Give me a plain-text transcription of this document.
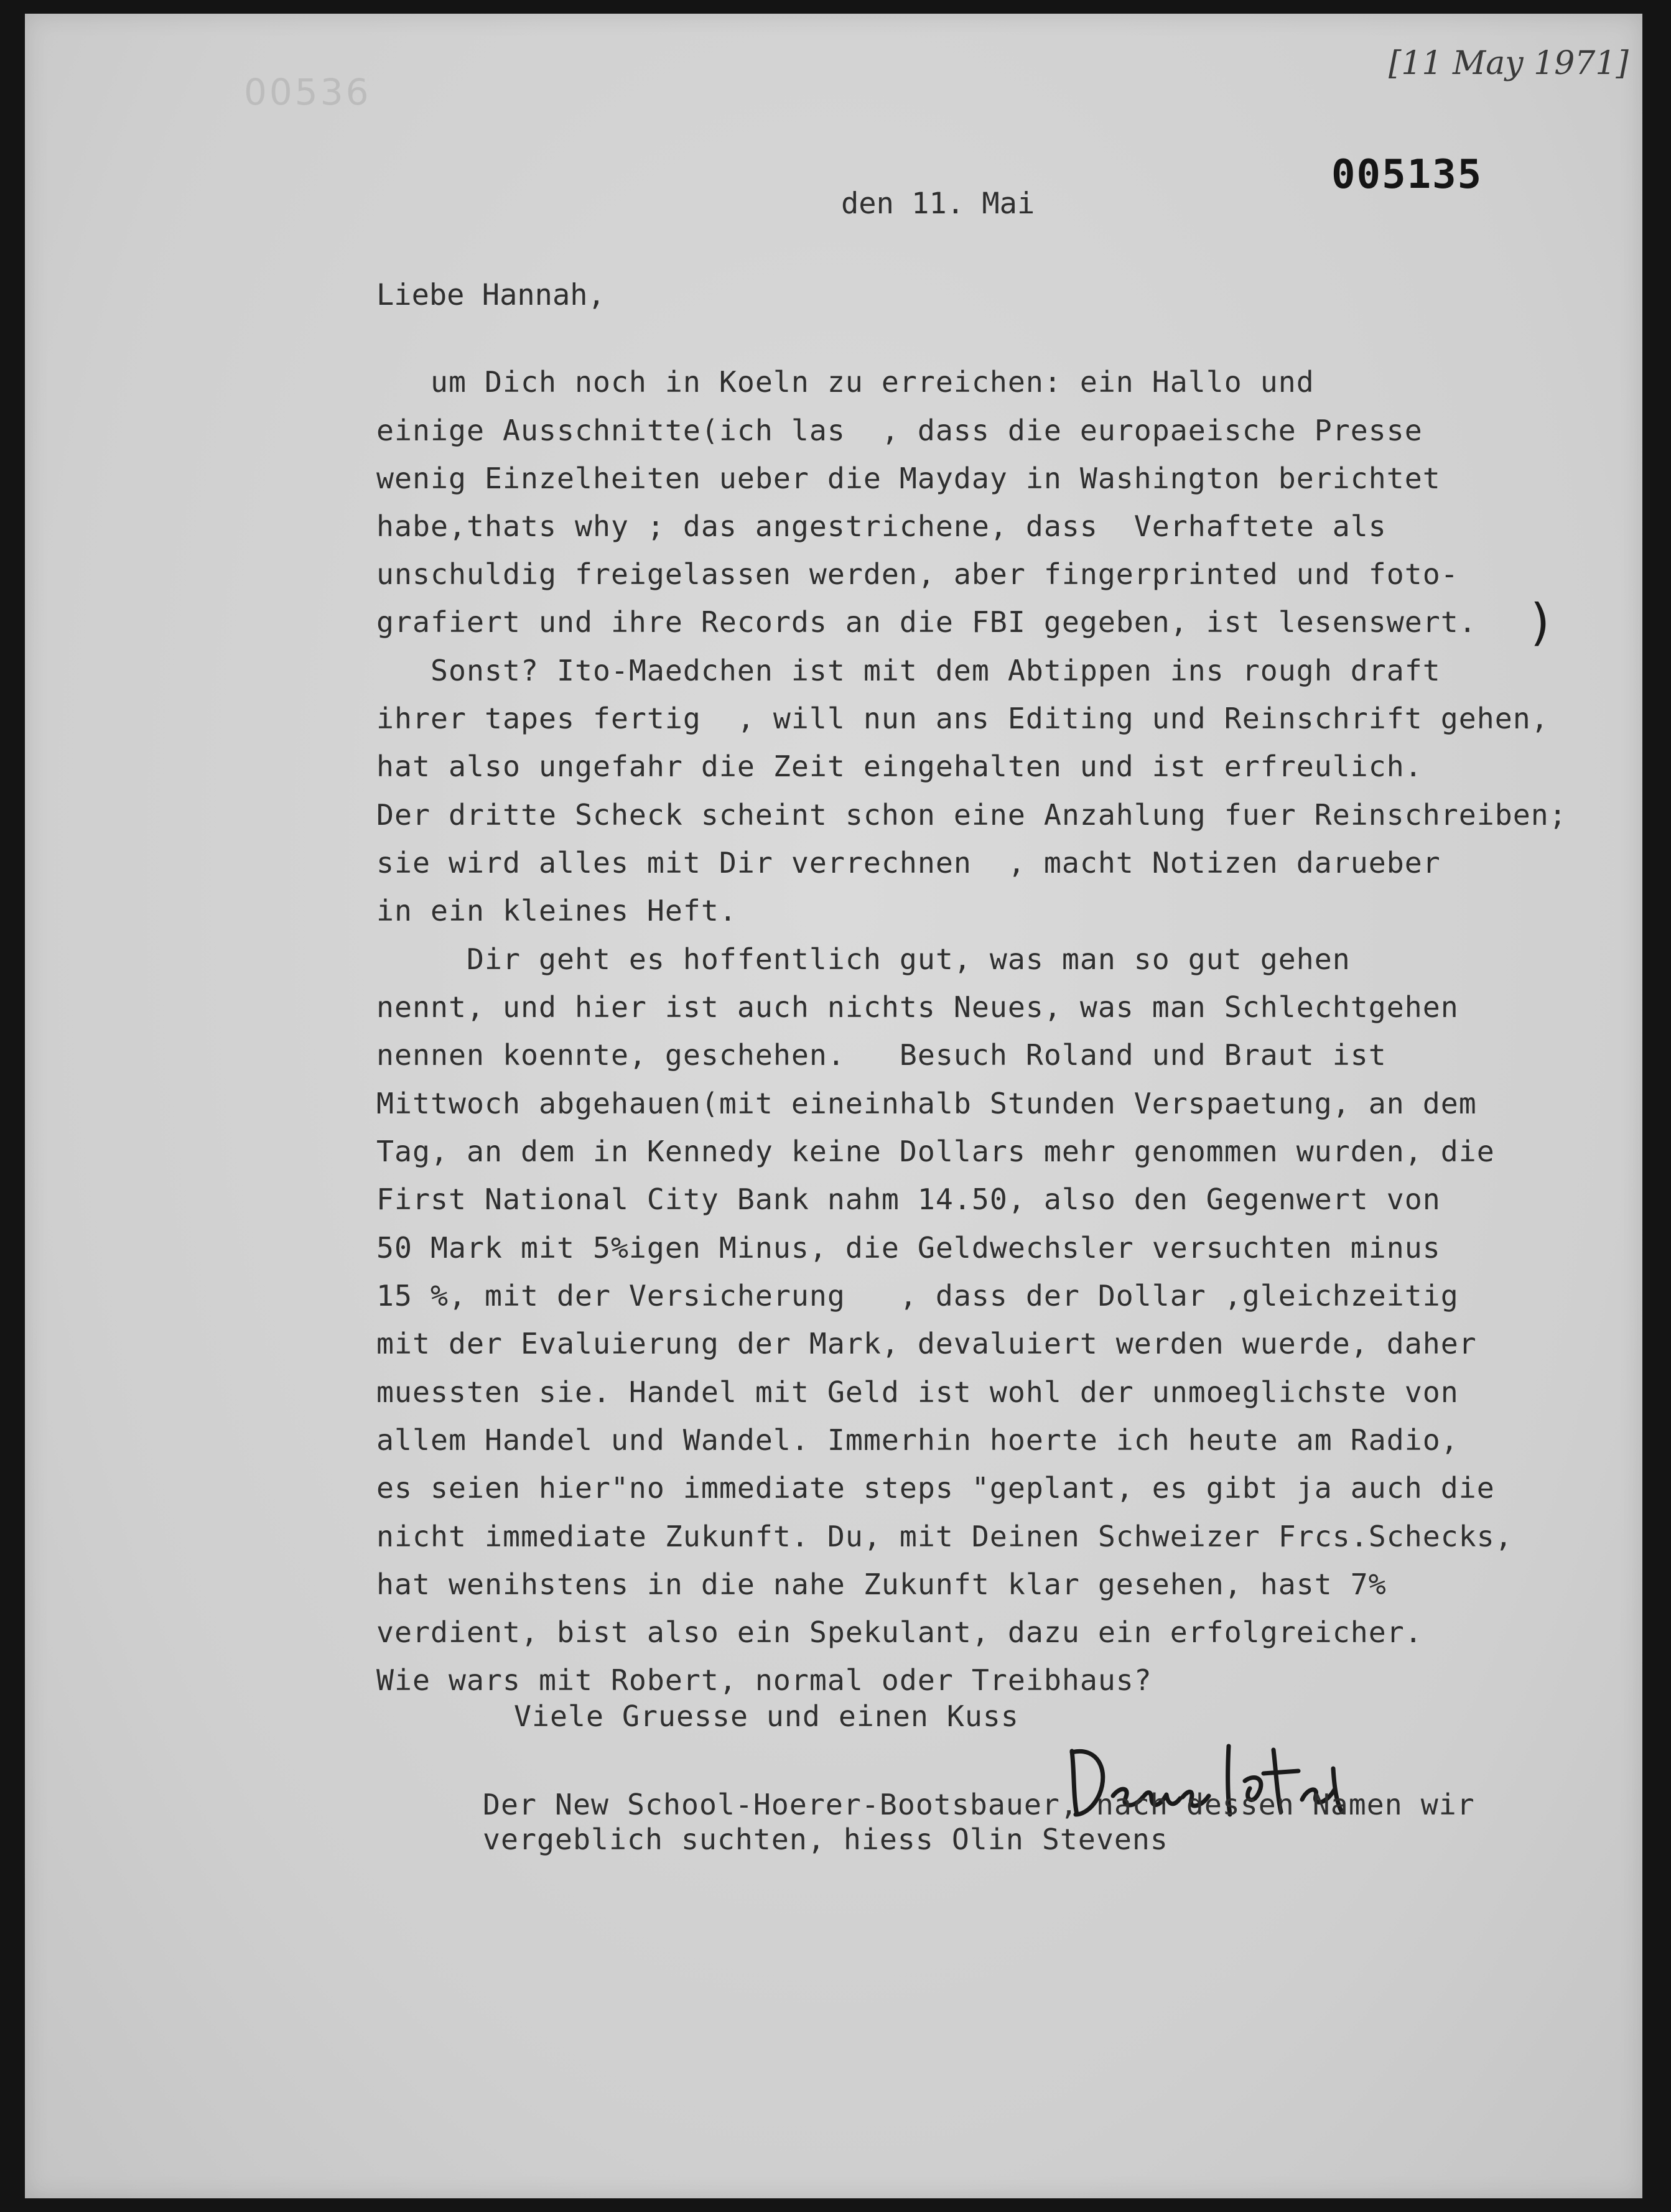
00536
[11 May 1971]
005135

den 11. Mai

Liebe Hannah,

um Dich noch in Koeln zu erreichen: ein Hallo und

einige Ausschnitte(ich las  , dass die europaeische Presse

wenig Einzelheiten ueber die Mayday in Washington berichtet

habe,thats why ; das angestrichene, dass  Verhaftete als

unschuldig freigelassen werden, aber fingerprinted und foto-

grafiert und ihre Records an die FBI gegeben, ist lesenswert.

Sonst? Ito-Maedchen ist mit dem Abtippen ins rough draft

ihrer tapes fertig  , will nun ans Editing und Reinschrift gehen,

hat also ungefahr die Zeit eingehalten und ist erfreulich.

Der dritte Scheck scheint schon eine Anzahlung fuer Reinschreiben;

sie wird alles mit Dir verrechnen  , macht Notizen darueber

in ein kleines Heft.

Dir geht es hoffentlich gut, was man so gut gehen

nennt, und hier ist auch nichts Neues, was man Schlechtgehen

nennen koennte, geschehen.   Besuch Roland und Braut ist

Mittwoch abgehauen(mit eineinhalb Stunden Verspaetung, an dem

Tag, an dem in Kennedy keine Dollars mehr genommen wurden, die

First National City Bank nahm 14.50, also den Gegenwert von

50 Mark mit 5%igen Minus, die Geldwechsler versuchten minus

15 %, mit der Versicherung   , dass der Dollar ,gleichzeitig

mit der Evaluierung der Mark, devaluiert werden wuerde, daher

muessten sie. Handel mit Geld ist wohl der unmoeglichste von

allem Handel und Wandel. Immerhin hoerte ich heute am Radio,

es seien hier"no immediate steps "geplant, es gibt ja auch die

nicht immediate Zukunft. Du, mit Deinen Schweizer Frcs.Schecks,

hat wenihstens in die nahe Zukunft klar gesehen, hast 7%

verdient, bist also ein Spekulant, dazu ein erfolgreicher.

Wie wars mit Robert, normal oder Treibhaus?

)

Viele Gruesse und einen Kuss

Der New School-Hoerer-Bootsbauer, nach dessen Namen wir

vergeblich suchten, hiess Olin Stevens
